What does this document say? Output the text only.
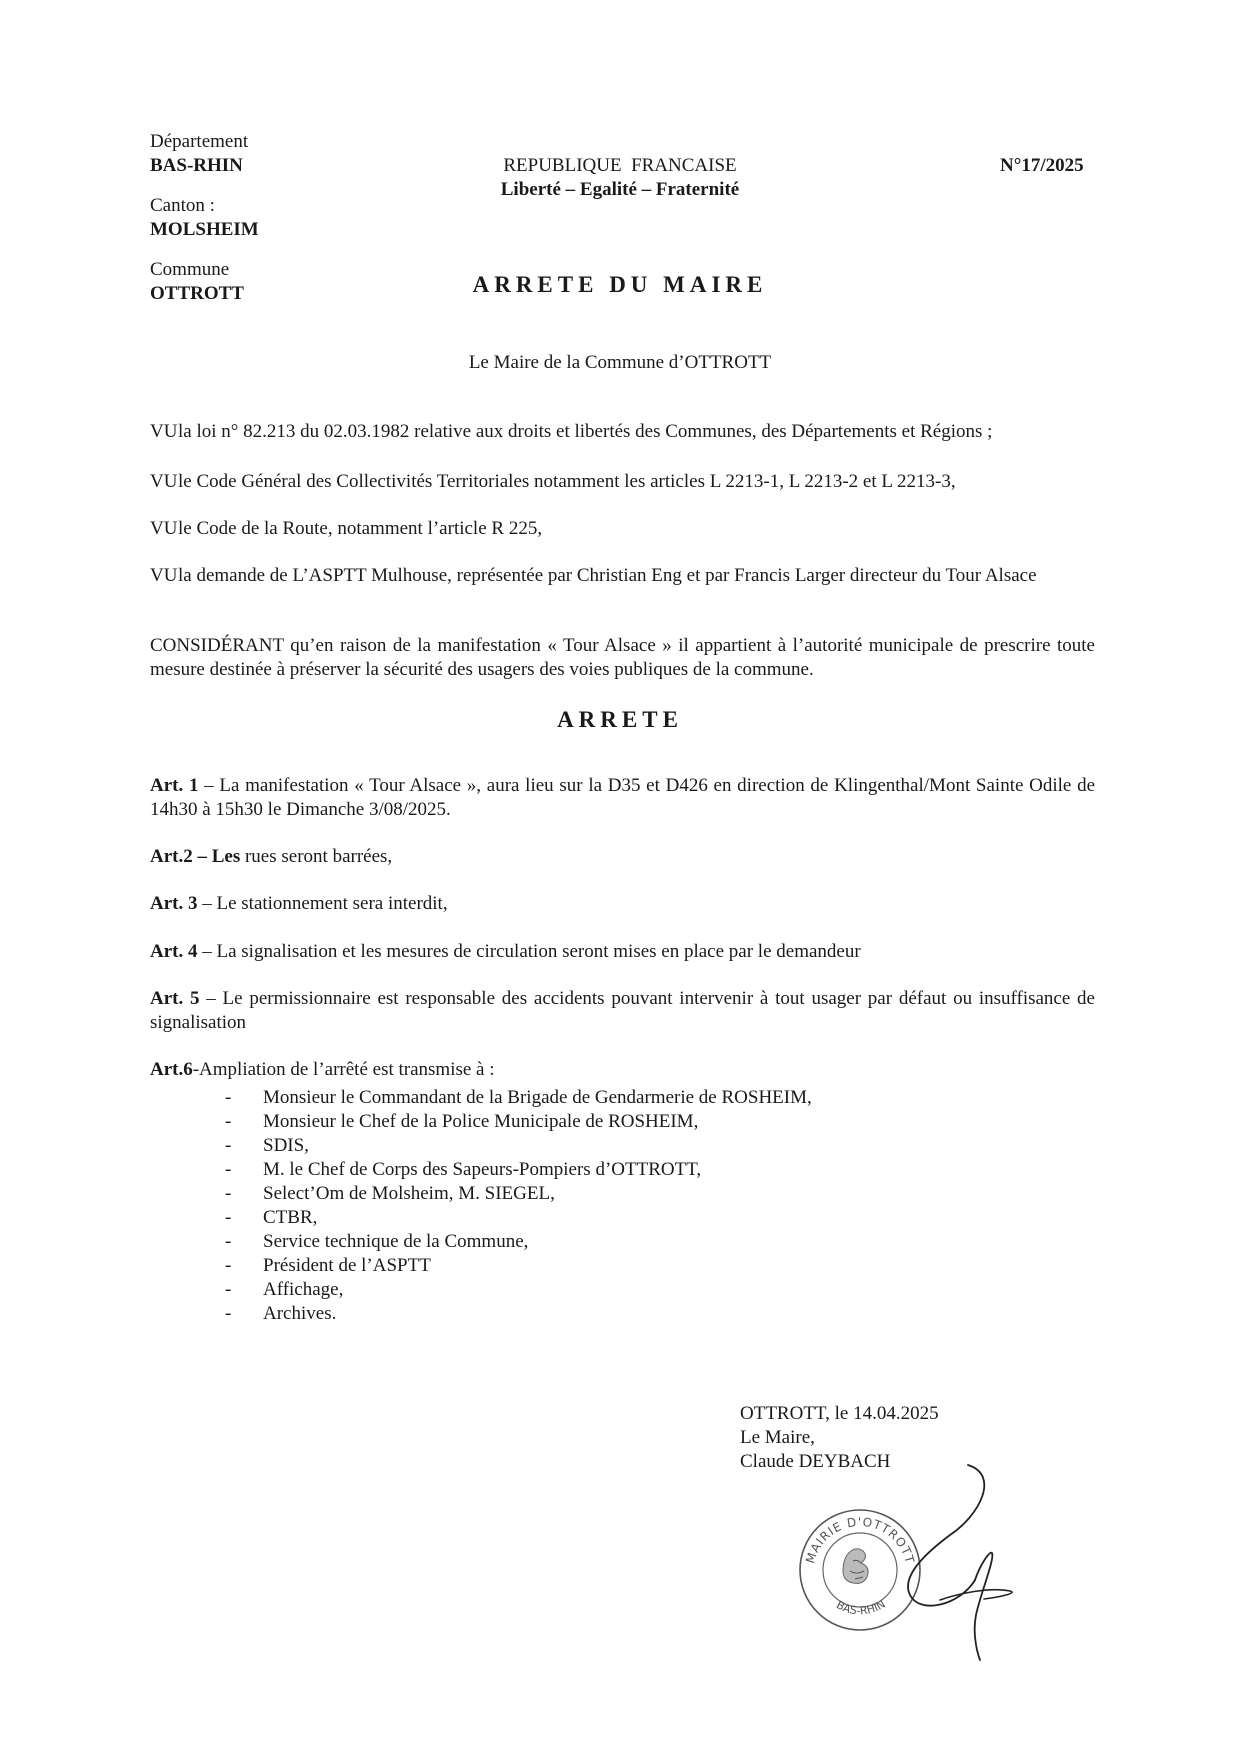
Département
BAS-RHIN
Canton :
MOLSHEIM
Commune
OTTROTT
REPUBLIQUE  FRANCAISE
Liberté – Egalité – Fraternité
N°17/2025
ARRETE DU MAIRE
Le Maire de la Commune d’OTTROTT
VUla loi n° 82.213 du 02.03.1982 relative aux droits et libertés des Communes, des Départements et Régions ;
VUle Code Général des Collectivités Territoriales notamment les articles L 2213-1, L 2213-2 et L 2213-3,
VUle Code de la Route, notamment l’article R 225,
VU la demande de L’ASPTT Mulhouse, représentée par Christian Eng et par Francis Larger directeur du Tour Alsace
CONSIDÉRANT qu’en raison de la manifestation « Tour Alsace » il appartient à l’autorité municipale de prescrire toute mesure destinée à préserver la sécurité des usagers des voies publiques de la commune.
ARRETE
Art. 1 – La manifestation « Tour Alsace », aura lieu sur la D35 et D426 en direction de Klingenthal/Mont Sainte Odile de 14h30 à 15h30 le Dimanche 3/08/2025.
Art.2 – Les rues seront barrées,
Art. 3 – Le stationnement sera interdit,
Art. 4 – La signalisation et les mesures de circulation seront mises en place par le demandeur
Art. 5 – Le permissionnaire est responsable des accidents pouvant intervenir à tout usager par défaut ou insuffisance de signalisation
Art.6-Ampliation de l’arrêté est transmise à :
- Monsieur le Commandant de la Brigade de Gendarmerie de ROSHEIM,
- Monsieur le Chef de la Police Municipale de ROSHEIM,
- SDIS,
- M. le Chef de Corps des Sapeurs-Pompiers d’OTTROTT,
- Select’Om de Molsheim, M. SIEGEL,
- CTBR,
- Service technique de la Commune,
- Président de l’ASPTT
- Affichage,
- Archives.
OTTROTT, le 14.04.2025
Le Maire,
Claude DEYBACH
MAIRIE D'OTTROTT
BAS-RHIN
